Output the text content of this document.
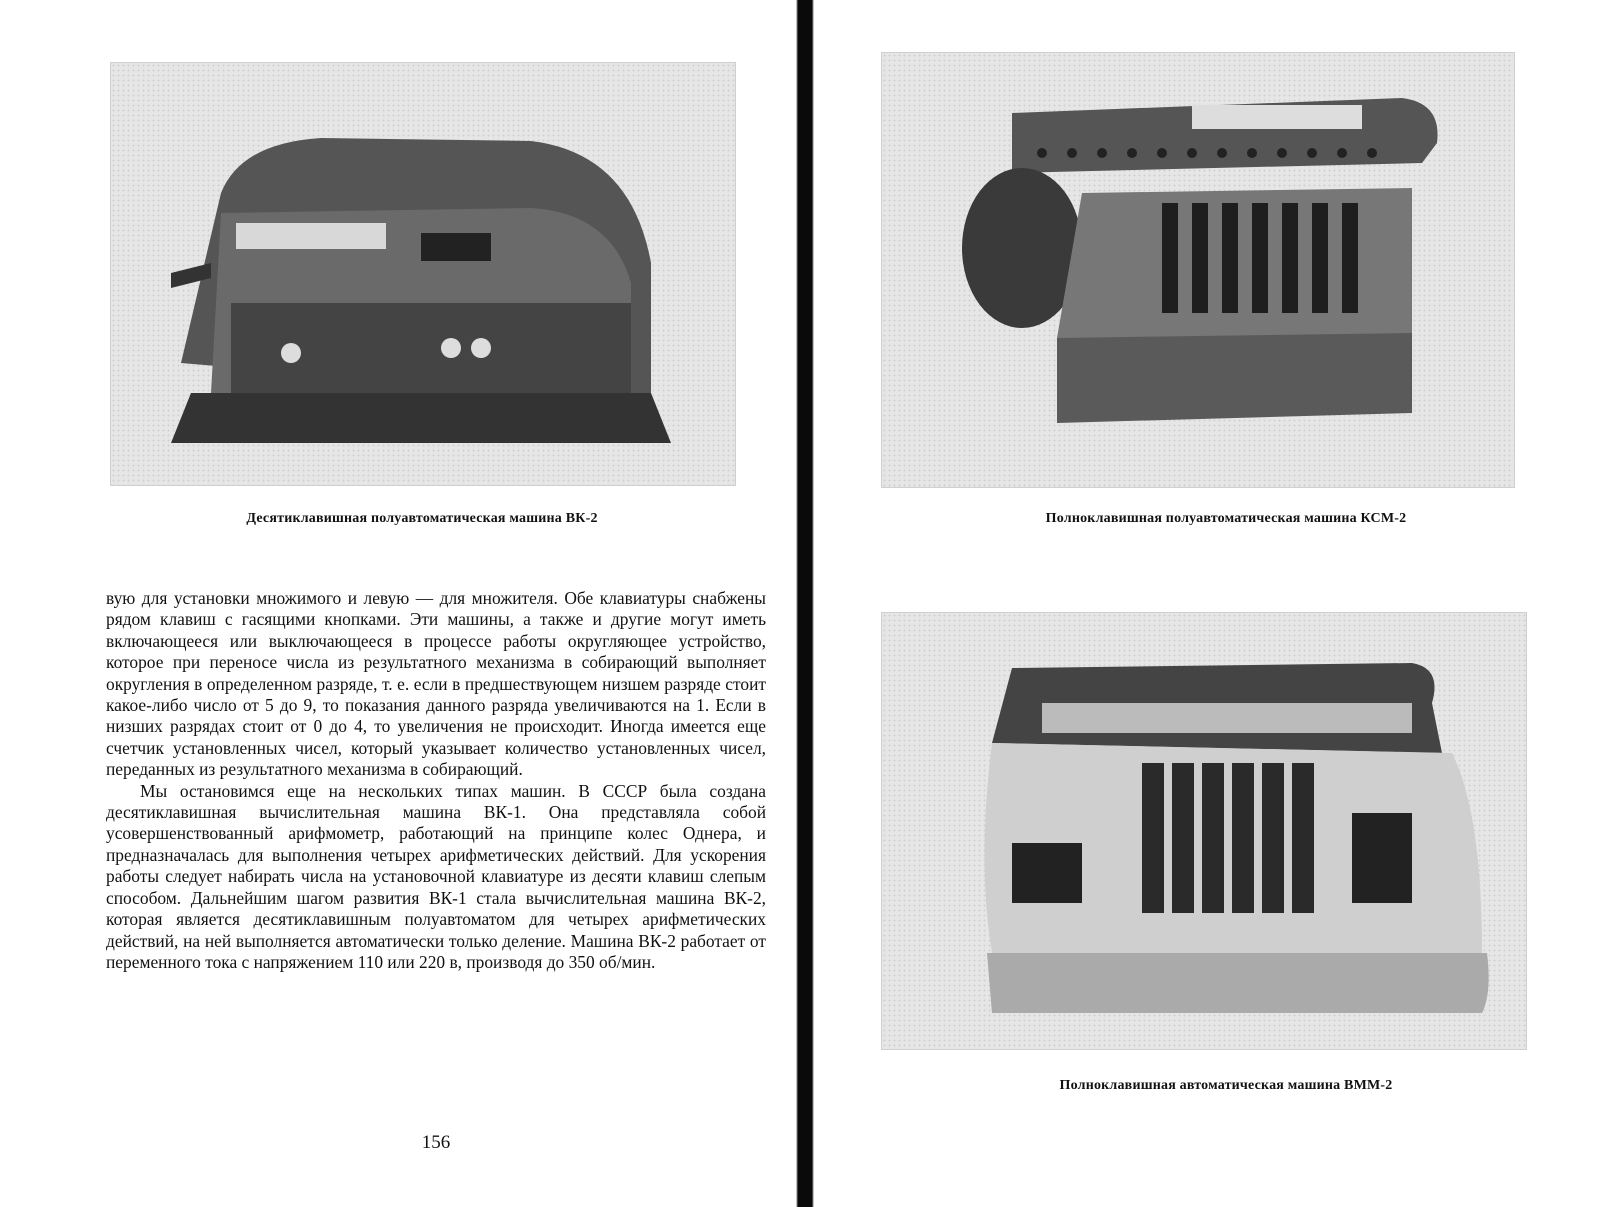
Десятиклавишная полуавтоматическая машина ВК-2

вую для установки множимого и левую — для множителя. Обе клавиатуры снабжены рядом клавиш с гасящими кнопками. Эти машины, а также и другие могут иметь включающееся или выключающееся в процессе работы округляющее устройство, которое при переносе числа из результатного механизма в собирающий выполняет округления в определенном разряде, т. е. если в предшествующем низшем разряде стоит какое-либо число от 5 до 9, то показания данного разряда увеличиваются на 1. Если в низших разрядах стоит от 0 до 4, то увеличения не происходит. Иногда имеется еще счетчик установленных чисел, который указывает количество установленных чисел, переданных из результатного механизма в собирающий.

Мы остановимся еще на нескольких типах машин. В СССР была создана десятиклавишная вычислительная машина ВК-1. Она представляла собой усовершенствованный арифмометр, работающий на принципе колес Однера, и предназначалась для выполнения четырех арифметических действий. Для ускорения работы следует набирать числа на установочной клавиатуре из десяти клавиш слепым способом. Дальнейшим шагом развития ВК-1 стала вычислительная машина ВК-2, которая является десятиклавишным полуавтоматом для четырех арифметических действий, на ней выполняется автоматически только деление. Машина ВК-2 работает от переменного тока с напряжением 110 или 220 в, производя до 350 об/мин.

156
Полноклавишная полуавтоматическая машина КСМ-2
Полноклавишная автоматическая машина ВММ-2
